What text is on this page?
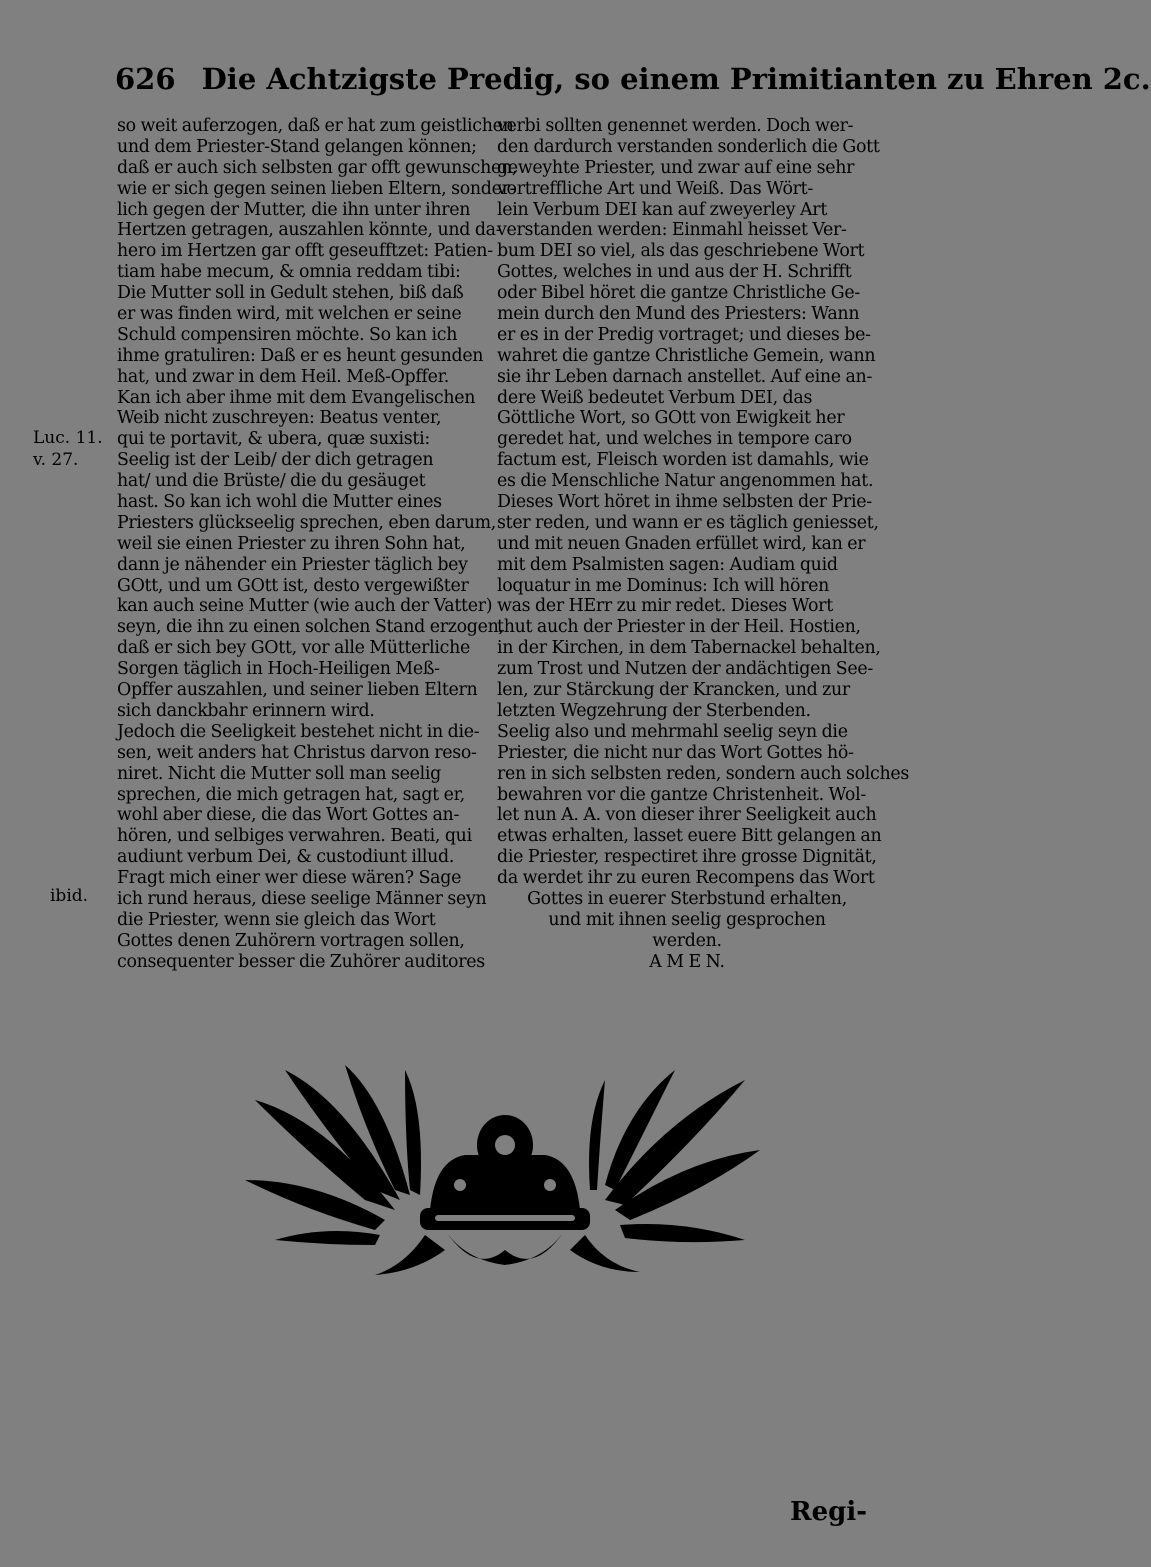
626 Die Achtzigste Predig, so einem Primitianten zu Ehren 2c.
Luc. 11.
v. 27.
ibid.
so weit auferzogen, daß er hat zum geistlichen
und dem Priester-Stand gelangen können;
daß er auch sich selbsten gar offt gewunschen,
wie er sich gegen seinen lieben Eltern, sonder-
lich gegen der Mutter, die ihn unter ihren
Hertzen getragen, auszahlen könnte, und da-
hero im Hertzen gar offt geseufftzet: Patien-
tiam habe mecum, & omnia reddam tibi:
Die Mutter soll in Gedult stehen, biß daß
er was finden wird, mit welchen er seine
Schuld compensiren möchte. So kan ich
ihme gratuliren: Daß er es heunt gesunden
hat, und zwar in dem Heil. Meß-Opffer.
Kan ich aber ihme mit dem Evangelischen
Weib nicht zuschreyen: Beatus venter,
qui te portavit, & ubera, quæ suxisti:
Seelig ist der Leib/ der dich getragen
hat/ und die Brüste/ die du gesäuget
hast. So kan ich wohl die Mutter eines
Priesters glückseelig sprechen, eben darum,
weil sie einen Priester zu ihren Sohn hat,
dann je nähender ein Priester täglich bey
GOtt, und um GOtt ist, desto vergewißter
kan auch seine Mutter (wie auch der Vatter)
seyn, die ihn zu einen solchen Stand erzogen,
daß er sich bey GOtt, vor alle Mütterliche
Sorgen täglich in Hoch-Heiligen Meß-
Opffer auszahlen, und seiner lieben Eltern
sich danckbahr erinnern wird.
Jedoch die Seeligkeit bestehet nicht in die-
sen, weit anders hat Christus darvon reso-
niret. Nicht die Mutter soll man seelig
sprechen, die mich getragen hat, sagt er,
wohl aber diese, die das Wort Gottes an-
hören, und selbiges verwahren. Beati, qui
audiunt verbum Dei, & custodiunt illud.
Fragt mich einer wer diese wären? Sage
ich rund heraus, diese seelige Männer seyn
die Priester, wenn sie gleich das Wort
Gottes denen Zuhörern vortragen sollen,
consequenter besser die Zuhörer auditores
verbi sollten genennet werden. Doch wer-
den dardurch verstanden sonderlich die Gott
geweyhte Priester, und zwar auf eine sehr
vortreffliche Art und Weiß. Das Wört-
lein Verbum DEI kan auf zweyerley Art
verstanden werden: Einmahl heisset Ver-
bum DEI so viel, als das geschriebene Wort
Gottes, welches in und aus der H. Schrifft
oder Bibel höret die gantze Christliche Ge-
mein durch den Mund des Priesters: Wann
er es in der Predig vortraget; und dieses be-
wahret die gantze Christliche Gemein, wann
sie ihr Leben darnach anstellet. Auf eine an-
dere Weiß bedeutet Verbum DEI, das
Göttliche Wort, so GOtt von Ewigkeit her
geredet hat, und welches in tempore caro
factum est, Fleisch worden ist damahls, wie
es die Menschliche Natur angenommen hat.
Dieses Wort höret in ihme selbsten der Prie-
ster reden, und wann er es täglich geniesset,
und mit neuen Gnaden erfüllet wird, kan er
mit dem Psalmisten sagen: Audiam quid
loquatur in me Dominus: Ich will hören
was der HErr zu mir redet. Dieses Wort
thut auch der Priester in der Heil. Hostien,
in der Kirchen, in dem Tabernackel behalten,
zum Trost und Nutzen der andächtigen See-
len, zur Stärckung der Krancken, und zur
letzten Wegzehrung der Sterbenden.
Seelig also und mehrmahl seelig seyn die
Priester, die nicht nur das Wort Gottes hö-
ren in sich selbsten reden, sondern auch solches
bewahren vor die gantze Christenheit. Wol-
let nun A. A. von dieser ihrer Seeligkeit auch
etwas erhalten, lasset euere Bitt gelangen an
die Priester, respectiret ihre grosse Dignität,
da werdet ihr zu euren Recompens das Wort
Gottes in euerer Sterbstund erhalten,
und mit ihnen seelig gesprochen
werden.
A M E N.
Regi-
